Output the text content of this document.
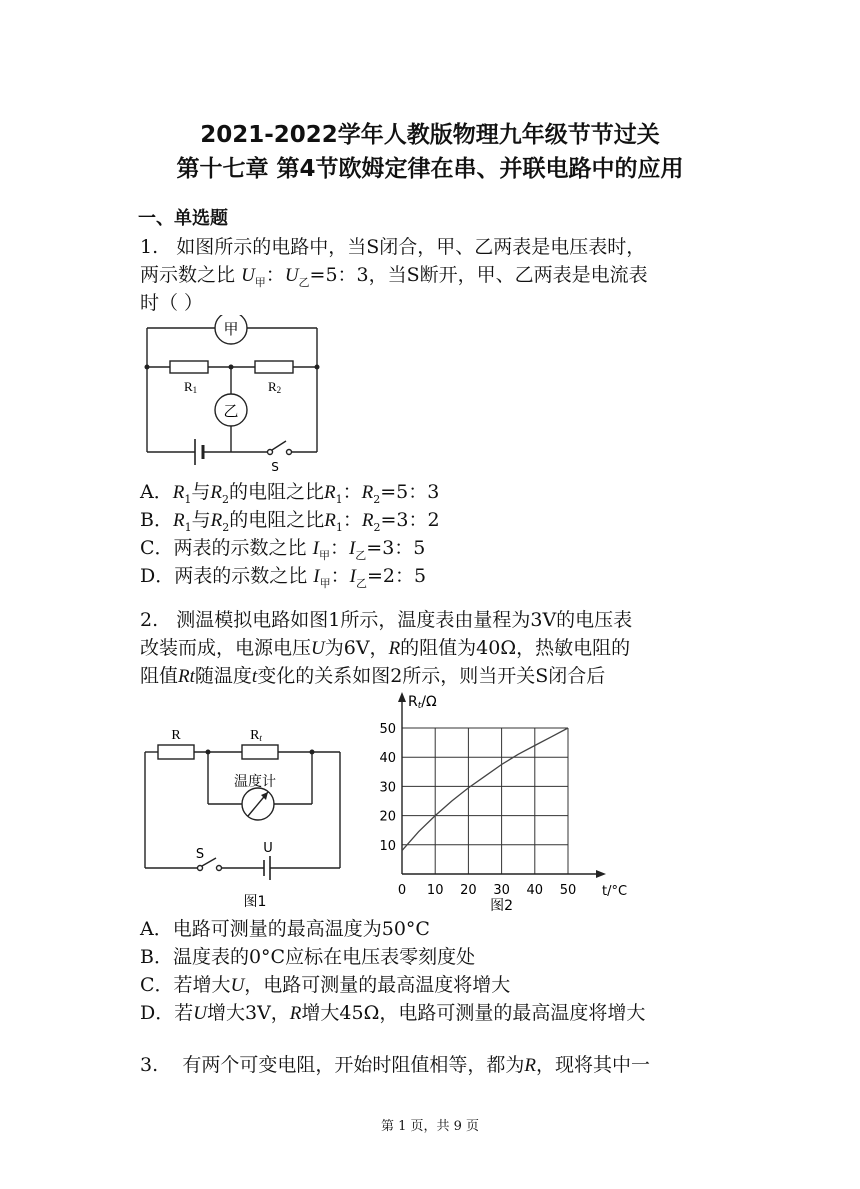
2021-2022学年人教版物理九年级节节过关
第十七章 第4节欧姆定律在串、并联电路中的应用
一、单选题
1. 如图所示的电路中，当S闭合，甲、乙两表是电压表时，
两示数之比 $U_甲$：$U_乙=5$：3，当S断开，甲、乙两表是电流表
时（ ）
甲
乙
R1	R2
S
A．$R_1$与$R_2$的电阻之比$R_1$：$R_2=5$：3
B．$R_1$与$R_2$的电阻之比$R_1$：$R_2=3$：2
C．两表的示数之比 $I_甲$：$I_乙=3$：5
D．两表的示数之比 $I_甲$：$I_乙=2$：5
2. 测温模拟电路如图1所示，温度表由量程为3V的电压表
改装而成，电源电压U为6V，R的阻值为40Ω，热敏电阻的
阻值Rt随温度t变化的关系如图2所示，则当开关S闭合后
R	Rt
温度计
S	U
图1
0 10 20 30 40 50
10
20
30
40
50
Rt/Ω
t/°C
图2
A．电路可测量的最高温度为50°C
B．温度表的0°C应标在电压表零刻度处
C．若增大U，电路可测量的最高温度将增大
D．若U增大3V，R增大45Ω，电路可测量的最高温度将增大
3. 有两个可变电阻，开始时阻值相等，都为R，现将其中一
第 1 页，共 9 页
